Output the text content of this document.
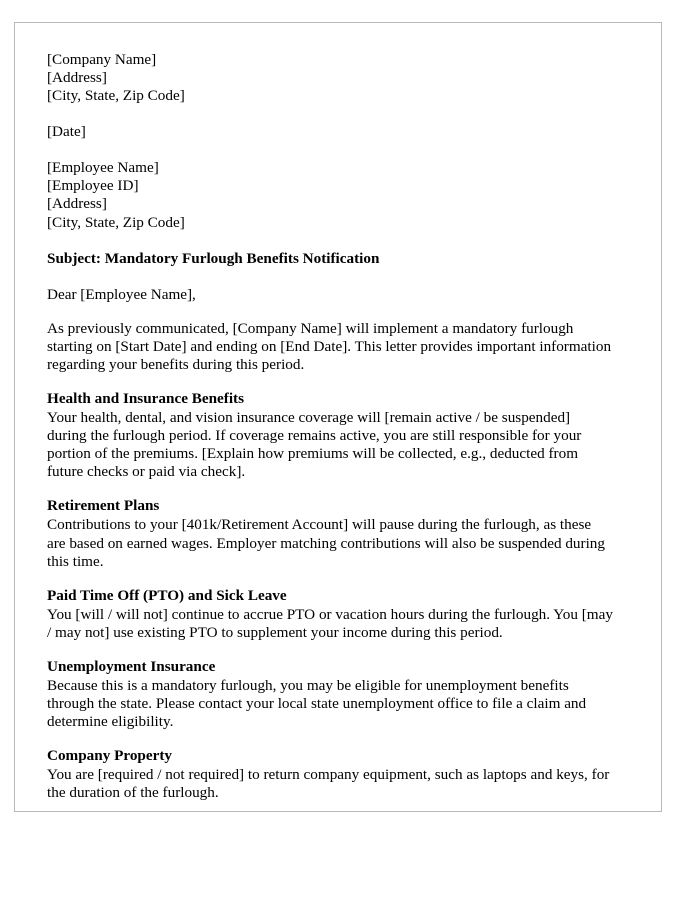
[Company Name]
[Address]
[City, State, Zip Code]
[Date]
[Employee Name]
[Employee ID]
[Address]
[City, State, Zip Code]

Subject: Mandatory Furlough Benefits Notification

Dear [Employee Name],

As previously communicated, [Company Name] will implement a mandatory furlough starting on [Start Date] and ending on [End Date]. This letter provides important information regarding your benefits during this period.

Health and Insurance Benefits

Your health, dental, and vision insurance coverage will [remain active / be suspended] during the furlough period. If coverage remains active, you are still responsible for your portion of the premiums. [Explain how premiums will be collected, e.g., deducted from future checks or paid via check].

Retirement Plans

Contributions to your [401k/Retirement Account] will pause during the furlough, as these are based on earned wages. Employer matching contributions will also be suspended during this time.

Paid Time Off (PTO) and Sick Leave

You [will / will not] continue to accrue PTO or vacation hours during the furlough. You [may / may not] use existing PTO to supplement your income during this period.

Unemployment Insurance

Because this is a mandatory furlough, you may be eligible for unemployment benefits through the state. Please contact your local state unemployment office to file a claim and determine eligibility.

Company Property

You are [required / not required] to return company equipment, such as laptops and keys, for the duration of the furlough.
